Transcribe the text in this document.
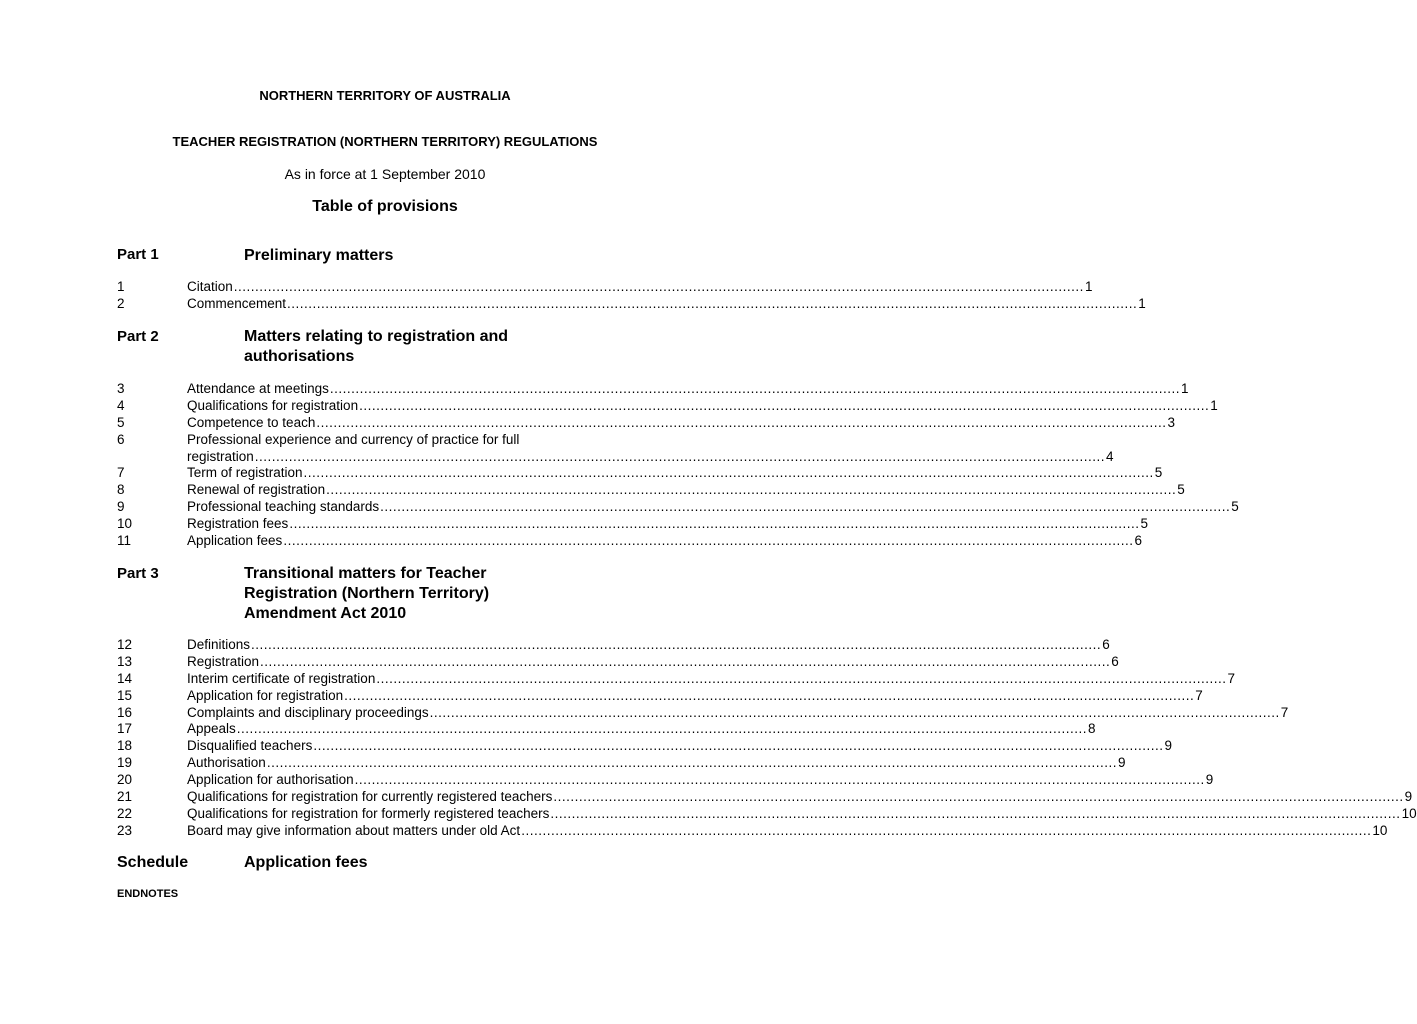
NORTHERN TERRITORY OF AUSTRALIA
TEACHER REGISTRATION (NORTHERN TERRITORY) REGULATIONS
As in force at 1 September 2010
Table of provisions
Part 1	Preliminary matters
1	Citation ........................................................................................................................................................................................................ 1
2	Commencement ........................................................................................................................................................................................................ 1
Part 2	Matters relating to registration and authorisations
3	Attendance at meetings ........................................................................................................................................................................................................ 1
4	Qualifications for registration ........................................................................................................................................................................................................ 1
5	Competence to teach ........................................................................................................................................................................................................ 3
6	Professional experience and currency of practice for full
registration ........................................................................................................................................................................................................ 4
7	Term of registration ........................................................................................................................................................................................................ 5
8	Renewal of registration ........................................................................................................................................................................................................ 5
9	Professional teaching standards ........................................................................................................................................................................................................ 5
10	Registration fees ........................................................................................................................................................................................................ 5
11	Application fees ........................................................................................................................................................................................................ 6
Part 3	Transitional matters for Teacher Registration (Northern Territory) Amendment Act 2010
12	Definitions ........................................................................................................................................................................................................ 6
13	Registration ........................................................................................................................................................................................................ 6
14	Interim certificate of registration ........................................................................................................................................................................................................ 7
15	Application for registration ........................................................................................................................................................................................................ 7
16	Complaints and disciplinary proceedings ........................................................................................................................................................................................................ 7
17	Appeals ........................................................................................................................................................................................................ 8
18	Disqualified teachers ........................................................................................................................................................................................................ 9
19	Authorisation ........................................................................................................................................................................................................ 9
20	Application for authorisation ........................................................................................................................................................................................................ 9
21	Qualifications for registration for currently registered teachers ........................................................................................................................................................................................................ 9
22	Qualifications for registration for formerly registered teachers ........................................................................................................................................................................................................ 10
23	Board may give information about matters under old Act ........................................................................................................................................................................................................ 10
Schedule	Application fees
ENDNOTES
